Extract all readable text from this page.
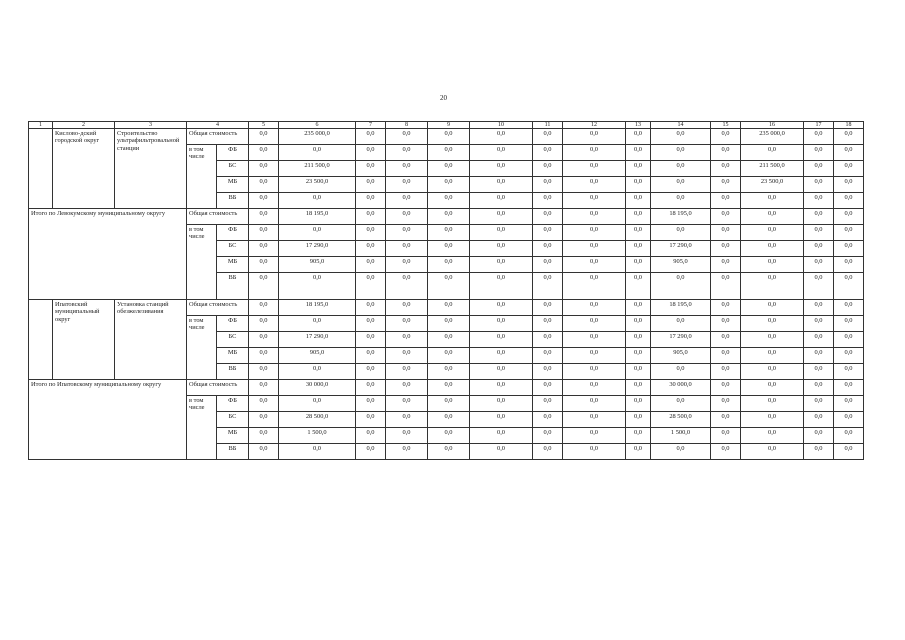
20
1	2	3	4		5	6	7	8	9	10	11	12	13	14	15	16	17	18
	Кислово-дский городской округ	Строительство ультрафильтровальной станции	Общая стоимость		0,0	235 000,0	0,0	0,0	0,0	0,0	0,0	0,0	0,0	0,0	0,0	235 000,0	0,0	0,0
			в том числе	ФБ	0,0	0,0	0,0	0,0	0,0	0,0	0,0	0,0	0,0	0,0	0,0	0,0	0,0	0,0
				БС	0,0	211 500,0	0,0	0,0	0,0	0,0	0,0	0,0	0,0	0,0	0,0	211 500,0	0,0	0,0
				МБ	0,0	23 500,0	0,0	0,0	0,0	0,0	0,0	0,0	0,0	0,0	0,0	23 500,0	0,0	0,0
				ВБ	0,0	0,0	0,0	0,0	0,0	0,0	0,0	0,0	0,0	0,0	0,0	0,0	0,0	0,0
Итого по Левокумскому муниципальному округу			Общая стоимость		0,0	18 195,0	0,0	0,0	0,0	0,0	0,0	0,0	0,0	18 195,0	0,0	0,0	0,0	0,0
			в том числе	ФБ	0,0	0,0	0,0	0,0	0,0	0,0	0,0	0,0	0,0	0,0	0,0	0,0	0,0	0,0
				БС	0,0	17 290,0	0,0	0,0	0,0	0,0	0,0	0,0	0,0	17 290,0	0,0	0,0	0,0	0,0
				МБ	0,0	905,0	0,0	0,0	0,0	0,0	0,0	0,0	0,0	905,0	0,0	0,0	0,0	0,0
				ВБ	0,0	0,0	0,0	0,0	0,0	0,0	0,0	0,0	0,0	0,0	0,0	0,0	0,0	0,0
	Ипатовский муниципальный округ	Установка станций обезжелезивания	Общая стоимость		0,0	18 195,0	0,0	0,0	0,0	0,0	0,0	0,0	0,0	18 195,0	0,0	0,0	0,0	0,0
			в том числе	ФБ	0,0	0,0	0,0	0,0	0,0	0,0	0,0	0,0	0,0	0,0	0,0	0,0	0,0	0,0
				БС	0,0	17 290,0	0,0	0,0	0,0	0,0	0,0	0,0	0,0	17 290,0	0,0	0,0	0,0	0,0
				МБ	0,0	905,0	0,0	0,0	0,0	0,0	0,0	0,0	0,0	905,0	0,0	0,0	0,0	0,0
				ВБ	0,0	0,0	0,0	0,0	0,0	0,0	0,0	0,0	0,0	0,0	0,0	0,0	0,0	0,0
Итого по Ипатовскому муниципальному округу			Общая стоимость		0,0	30 000,0	0,0	0,0	0,0	0,0	0,0	0,0	0,0	30 000,0	0,0	0,0	0,0	0,0
			в том числе	ФБ	0,0	0,0	0,0	0,0	0,0	0,0	0,0	0,0	0,0	0,0	0,0	0,0	0,0	0,0
				БС	0,0	28 500,0	0,0	0,0	0,0	0,0	0,0	0,0	0,0	28 500,0	0,0	0,0	0,0	0,0
				МБ	0,0	1 500,0	0,0	0,0	0,0	0,0	0,0	0,0	0,0	1 500,0	0,0	0,0	0,0	0,0
				ВБ	0,0	0,0	0,0	0,0	0,0	0,0	0,0	0,0	0,0	0,0	0,0	0,0	0,0	0,0
